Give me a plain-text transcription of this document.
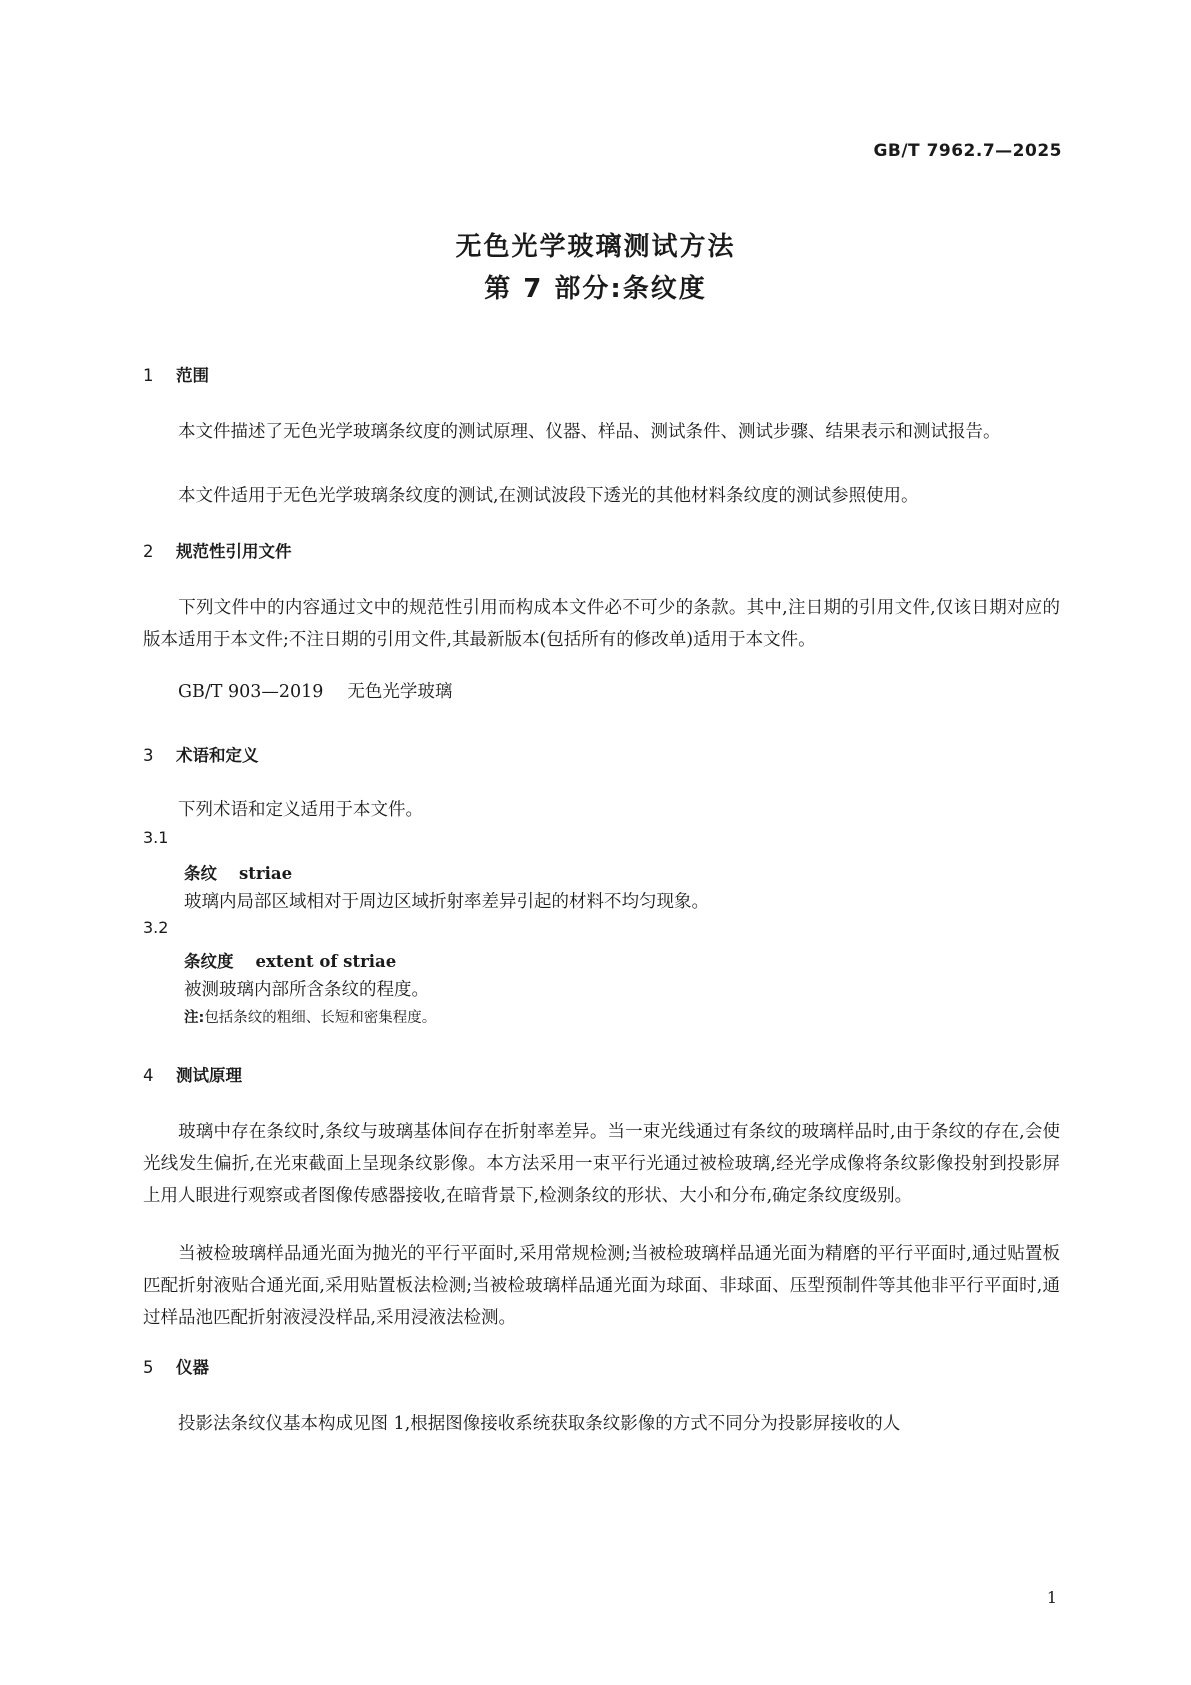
GB/T 7962.7—2025
无色光学玻璃测试方法
第 7 部分:条纹度
1 范围
本文件描述了无色光学玻璃条纹度的测试原理、仪器、样品、测试条件、测试步骤、结果表示和测试报告。
本文件适用于无色光学玻璃条纹度的测试,在测试波段下透光的其他材料条纹度的测试参照使用。
2 规范性引用文件
下列文件中的内容通过文中的规范性引用而构成本文件必不可少的条款。其中,注日期的引用文件,仅该日期对应的版本适用于本文件;不注日期的引用文件,其最新版本(包括所有的修改单)适用于本文件。
GB/T 903—2019 无色光学玻璃
3 术语和定义
下列术语和定义适用于本文件。
3.1
条纹 striae
玻璃内局部区域相对于周边区域折射率差异引起的材料不均匀现象。
3.2
条纹度 extent of striae
被测玻璃内部所含条纹的程度。
注:包括条纹的粗细、长短和密集程度。
4 测试原理
玻璃中存在条纹时,条纹与玻璃基体间存在折射率差异。当一束光线通过有条纹的玻璃样品时,由于条纹的存在,会使光线发生偏折,在光束截面上呈现条纹影像。本方法采用一束平行光通过被检玻璃,经光学成像将条纹影像投射到投影屏上用人眼进行观察或者图像传感器接收,在暗背景下,检测条纹的形状、大小和分布,确定条纹度级别。
当被检玻璃样品通光面为抛光的平行平面时,采用常规检测;当被检玻璃样品通光面为精磨的平行平面时,通过贴置板匹配折射液贴合通光面,采用贴置板法检测;当被检玻璃样品通光面为球面、非球面、压型预制件等其他非平行平面时,通过样品池匹配折射液浸没样品,采用浸液法检测。
5 仪器
投影法条纹仪基本构成见图 1,根据图像接收系统获取条纹影像的方式不同分为投影屏接收的人
1
